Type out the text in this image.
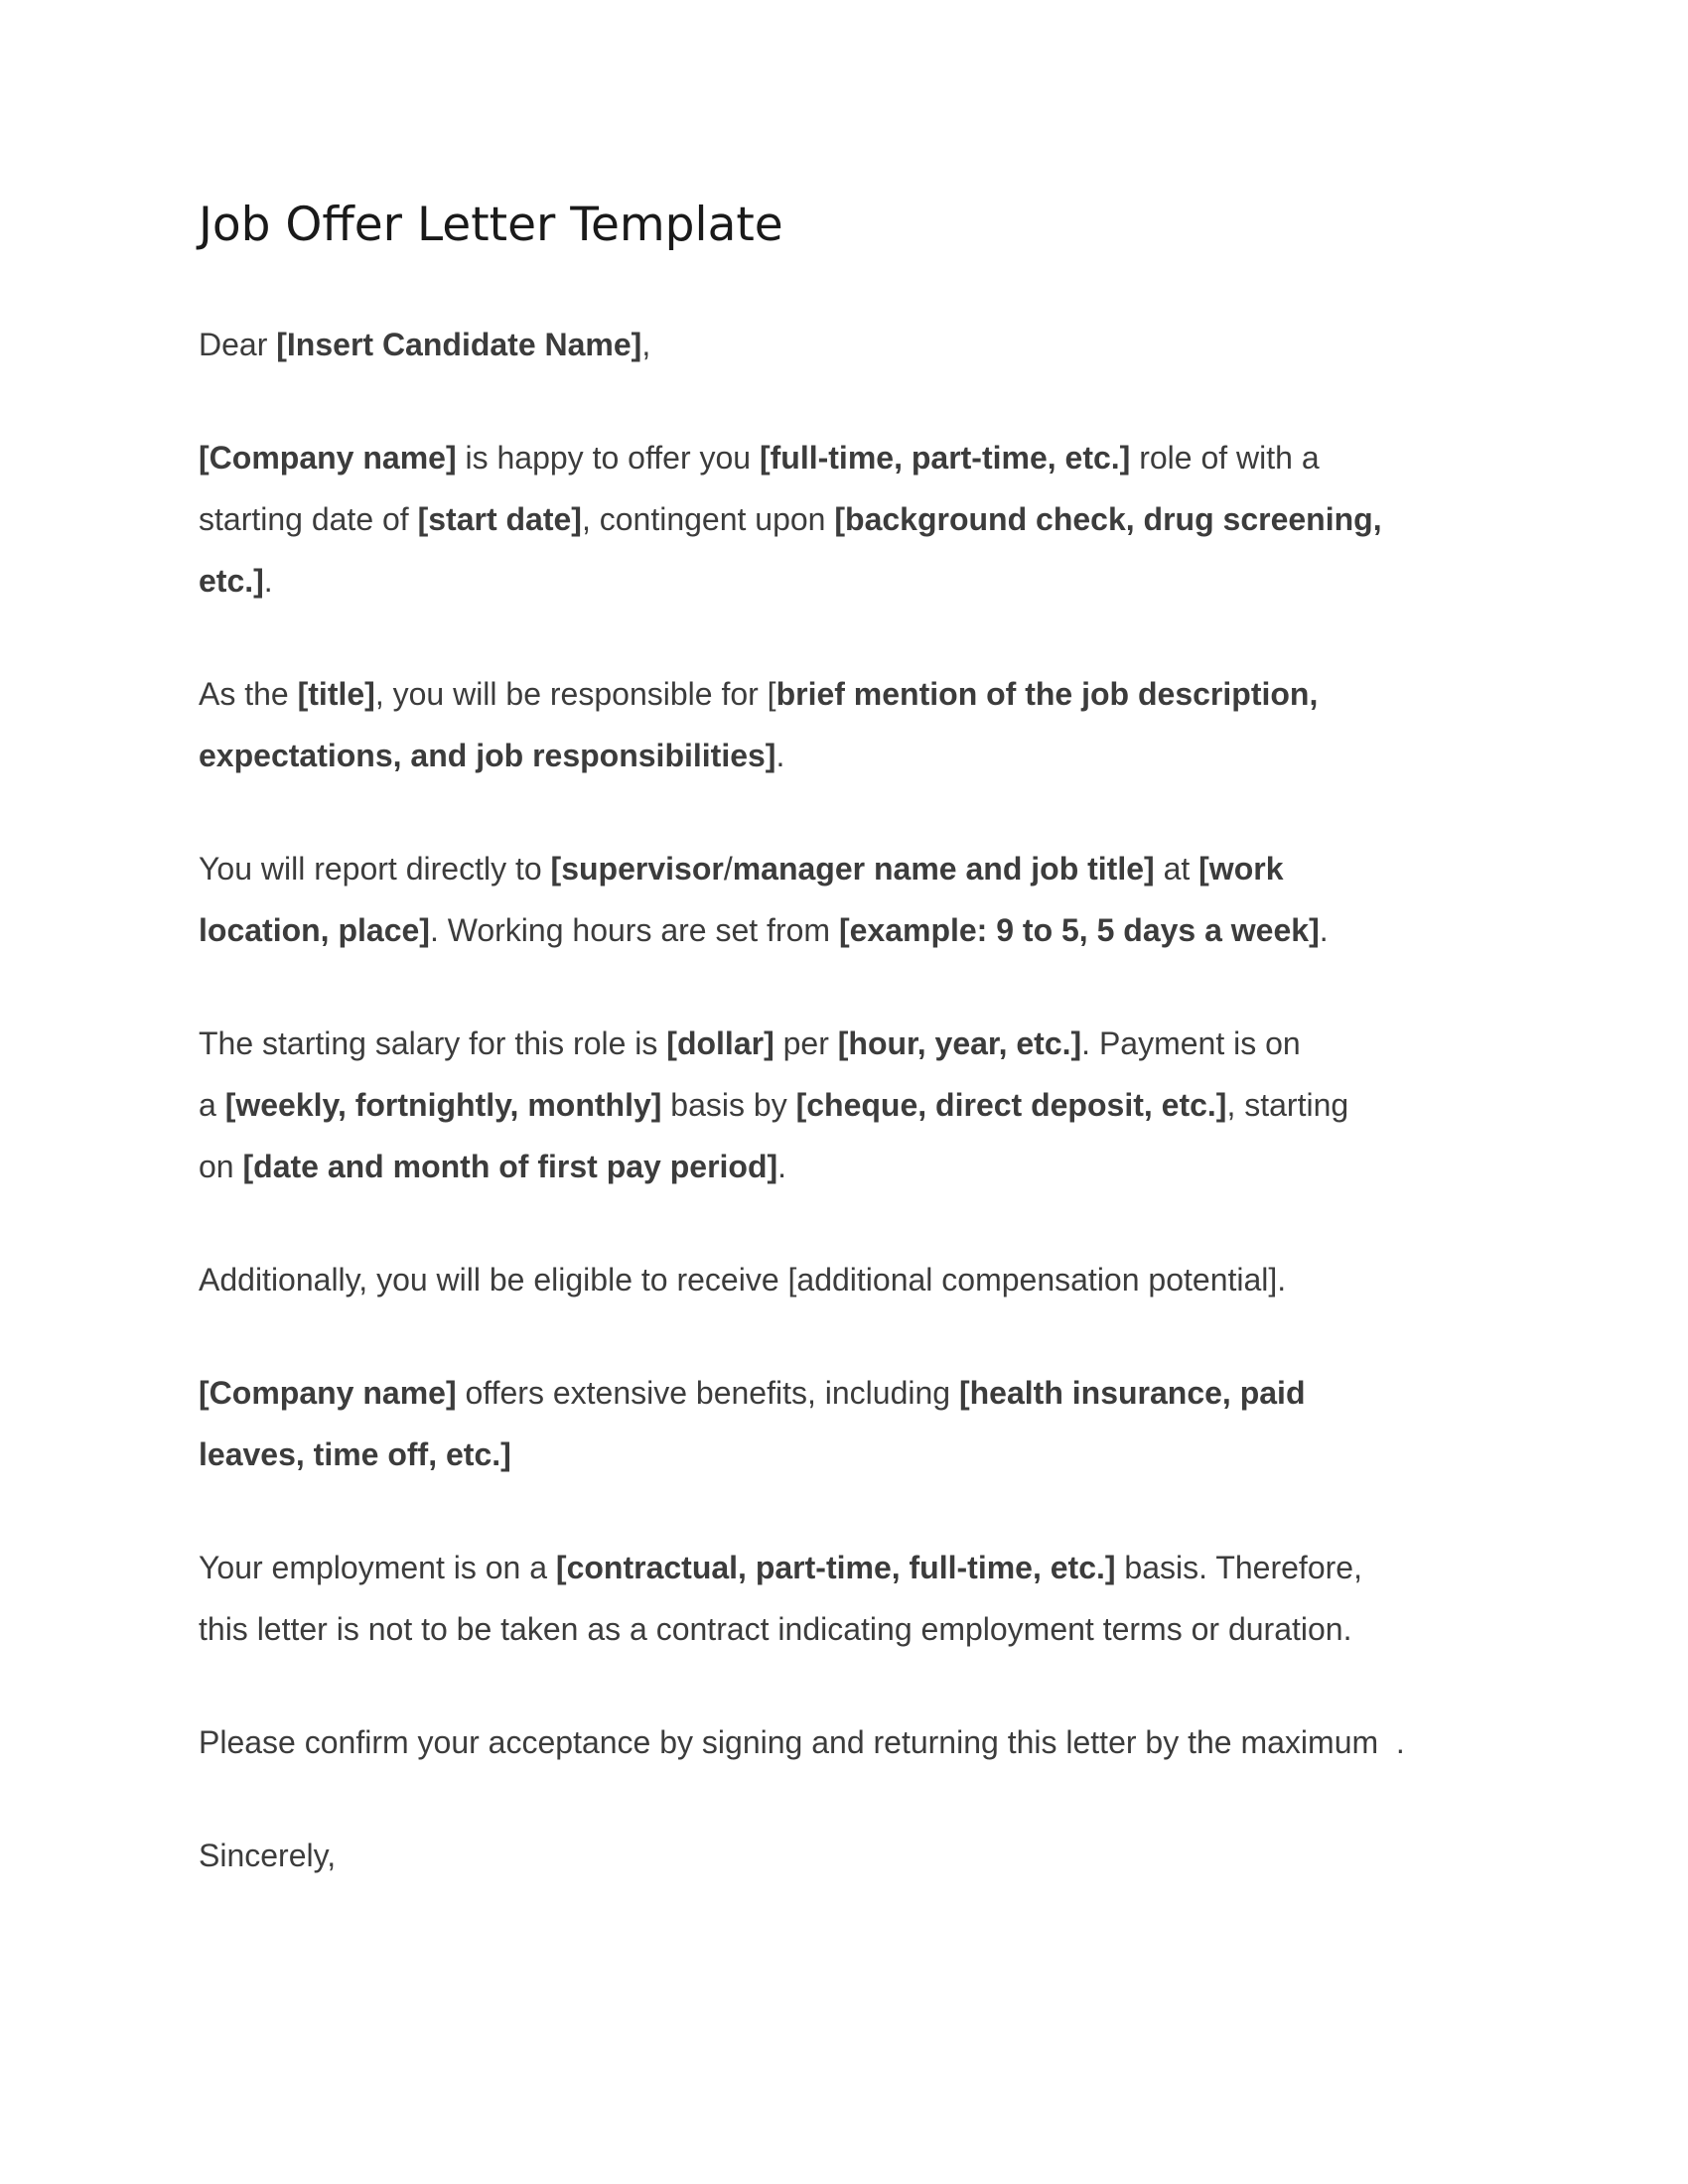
Job Offer Letter Template

Dear [Insert Candidate Name],

[Company name] is happy to offer you [full-time, part-time, etc.] role of with a
starting date of [start date], contingent upon [background check, drug screening,
etc.].

As the [title], you will be responsible for [brief mention of the job description,
expectations, and job responsibilities].

You will report directly to [supervisor/manager name and job title] at [work
location, place]. Working hours are set from [example: 9 to 5, 5 days a week].

The starting salary for this role is [dollar] per [hour, year, etc.]. Payment is on
a [weekly, fortnightly, monthly] basis by [cheque, direct deposit, etc.], starting
on [date and month of first pay period].

Additionally, you will be eligible to receive [additional compensation potential].

[Company name] offers extensive benefits, including [health insurance, paid
leaves, time off, etc.]

Your employment is on a [contractual, part-time, full-time, etc.] basis. Therefore,
this letter is not to be taken as a contract indicating employment terms or duration.

Please confirm your acceptance by signing and returning this letter by the maximum  .

Sincerely,
